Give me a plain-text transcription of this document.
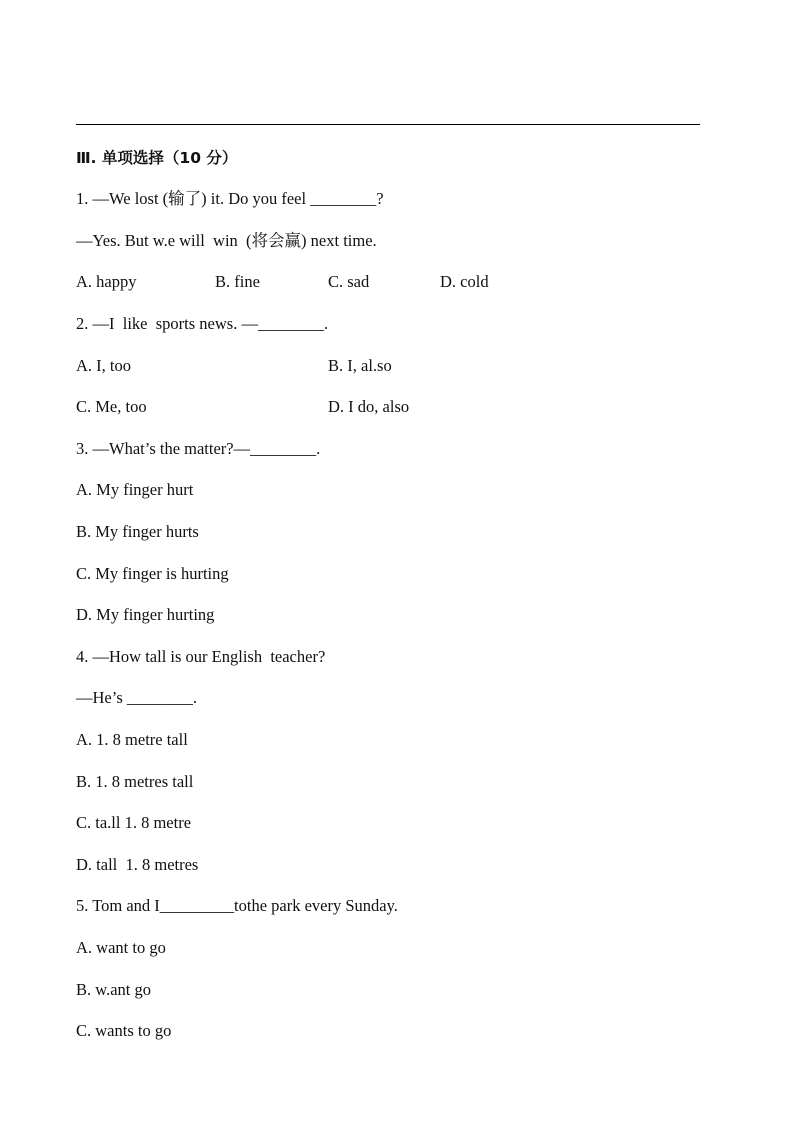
Ⅲ. 单项选择（10 分）
1. —We lost (输了) it. Do you feel ________?
—Yes. But w.e will  win  (将会赢) next time.
A. happy	B. fine	C. sad	D. cold
2. —I  like  sports news. —________.
A. I, too	B. I, al.so
C. Me, too	D. I do, also
3. —What’s the matter?—________.
A. My finger hurt
B. My finger hurts
C. My finger is hurting
D. My finger hurting
4. —How tall is our English  teacher?
—He’s ________.
A. 1. 8 metre tall
B. 1. 8 metres tall
C. ta.ll 1. 8 metre
D. tall  1. 8 metres
5. Tom and I_________tothe park every Sunday.
A. want to go
B. w.ant go
C. wants to go
